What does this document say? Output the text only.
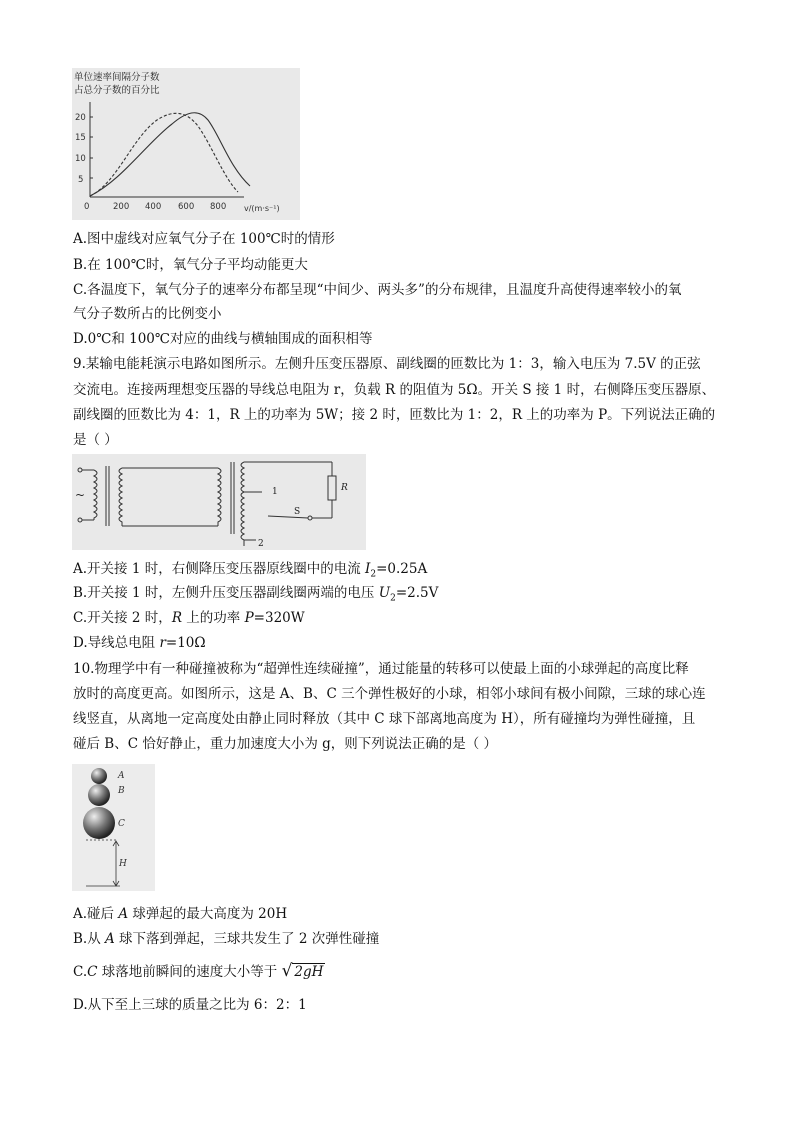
单位速率间隔分子数
占总分子数的百分比
20
15
10
5
0	200 400 600 800 v/(m·s⁻¹)
A.图中虚线对应氧气分子在 100℃时的情形
B.在 100℃时，氧气分子平均动能更大
C.各温度下，氧气分子的速率分布都呈现“中间少、两头多”的分布规律，且温度升高使得速率较小的氧
气分子数所占的比例变小
D.0℃和 100℃对应的曲线与横轴围成的面积相等
9.某输电能耗演示电路如图所示。左侧升压变压器原、副线圈的匝数比为 1：3，输入电压为 7.5V 的正弦
交流电。连接两理想变压器的导线总电阻为 r，负载 R 的阻值为 5Ω。开关 S 接 1 时，右侧降压变压器原、
副线圈的匝数比为 4：1，R 上的功率为 5W；接 2 时，匝数比为 1：2，R 上的功率为 P。下列说法正确的
是（ ）
~	1
2
S
R
A.开关接 1 时，右侧降压变压器原线圈中的电流 $I_2=0.25A$
B.开关接 1 时，左侧升压变压器副线圈两端的电压 $U_2=2.5V$
C.开关接 2 时，R 上的功率 P=320W
D.导线总电阻 r=10Ω
10.物理学中有一种碰撞被称为“超弹性连续碰撞”，通过能量的转移可以使最上面的小球弹起的高度比释
放时的高度更高。如图所示，这是 A、B、C 三个弹性极好的小球，相邻小球间有极小间隙，三球的球心连
线竖直，从离地一定高度处由静止同时释放（其中 C 球下部离地高度为 H），所有碰撞均为弹性碰撞，且
碰后 B、C 恰好静止，重力加速度大小为 g，则下列说法正确的是（ ）
A
B
C
H
A.碰后 A 球弹起的最大高度为 20H
B.从 A 球下落到弹起，三球共发生了 2 次弹性碰撞
C.C 球落地前瞬间的速度大小等于 √ 2gH
D.从下至上三球的质量之比为 6：2：1
